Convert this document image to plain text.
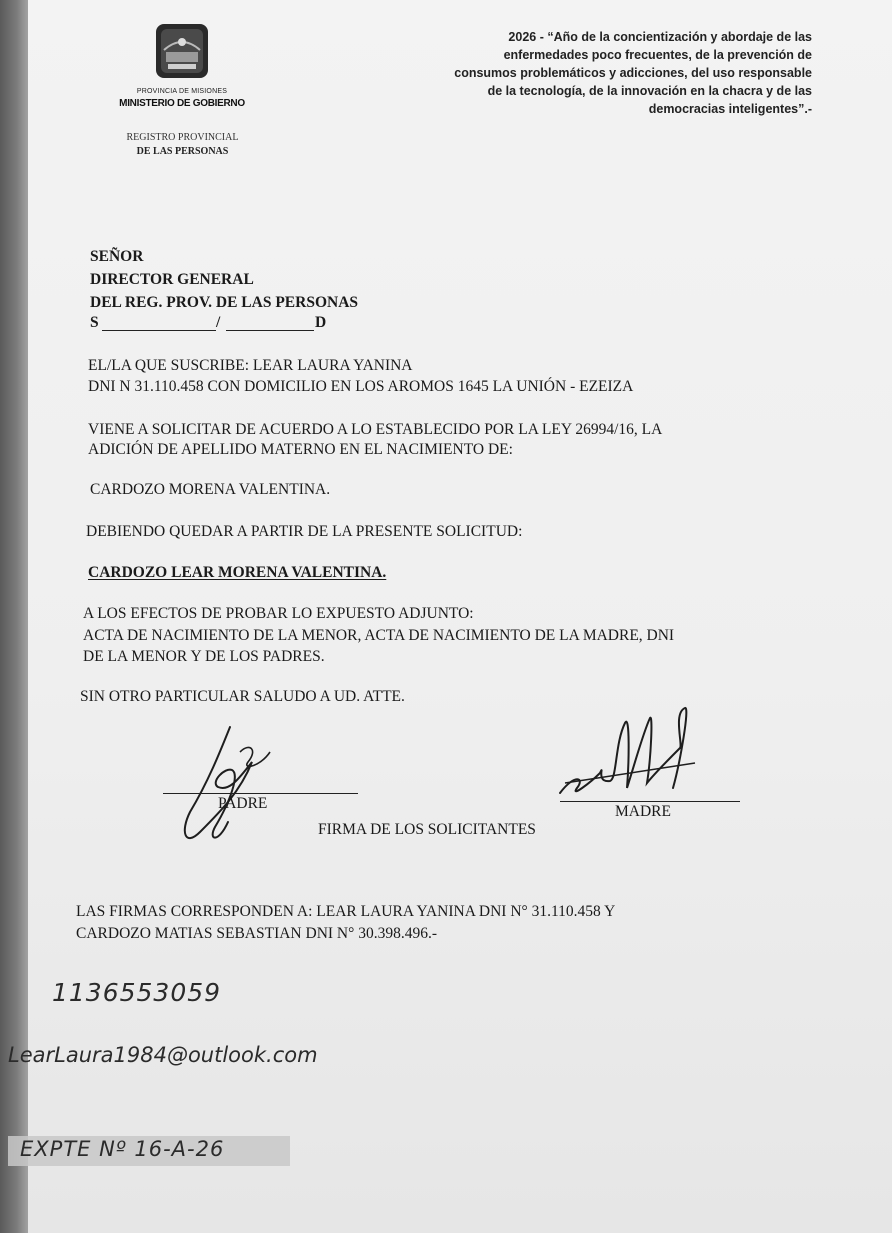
PROVINCIA DE MISIONES
MINISTERIO DE GOBIERNO
REGISTRO PROVINCIAL
DE LAS PERSONAS
2026 - “Año de la concientización y abordaje de las
enfermedades poco frecuentes, de la prevención de
consumos problemáticos y adicciones, del uso responsable
de la tecnología, de la innovación en la chacra y de las
democracias inteligentes”.-
SEÑOR
DIRECTOR GENERAL
DEL REG. PROV. DE LAS PERSONAS
S	/	D
EL/LA QUE SUSCRIBE: LEAR LAURA YANINA
DNI N 31.110.458 CON DOMICILIO EN LOS AROMOS 1645 LA UNIÓN - EZEIZA
VIENE A SOLICITAR DE ACUERDO A LO ESTABLECIDO POR LA LEY 26994/16, LA
ADICIÓN DE APELLIDO MATERNO EN EL NACIMIENTO DE:
CARDOZO MORENA VALENTINA.
DEBIENDO QUEDAR A PARTIR DE LA PRESENTE SOLICITUD:
CARDOZO LEAR MORENA VALENTINA.
A LOS EFECTOS DE PROBAR LO EXPUESTO ADJUNTO:
ACTA DE NACIMIENTO DE LA MENOR, ACTA DE NACIMIENTO DE LA MADRE, DNI
DE LA MENOR Y DE LOS PADRES.
SIN OTRO PARTICULAR SALUDO A UD. ATTE.
PADRE	MADRE
FIRMA DE LOS SOLICITANTES
LAS FIRMAS CORRESPONDEN A: LEAR LAURA YANINA DNI N° 31.110.458 Y
CARDOZO MATIAS SEBASTIAN DNI N° 30.398.496.-
1136553059
LearLaura1984@outlook.com
EXPTE Nº 16-A-26
